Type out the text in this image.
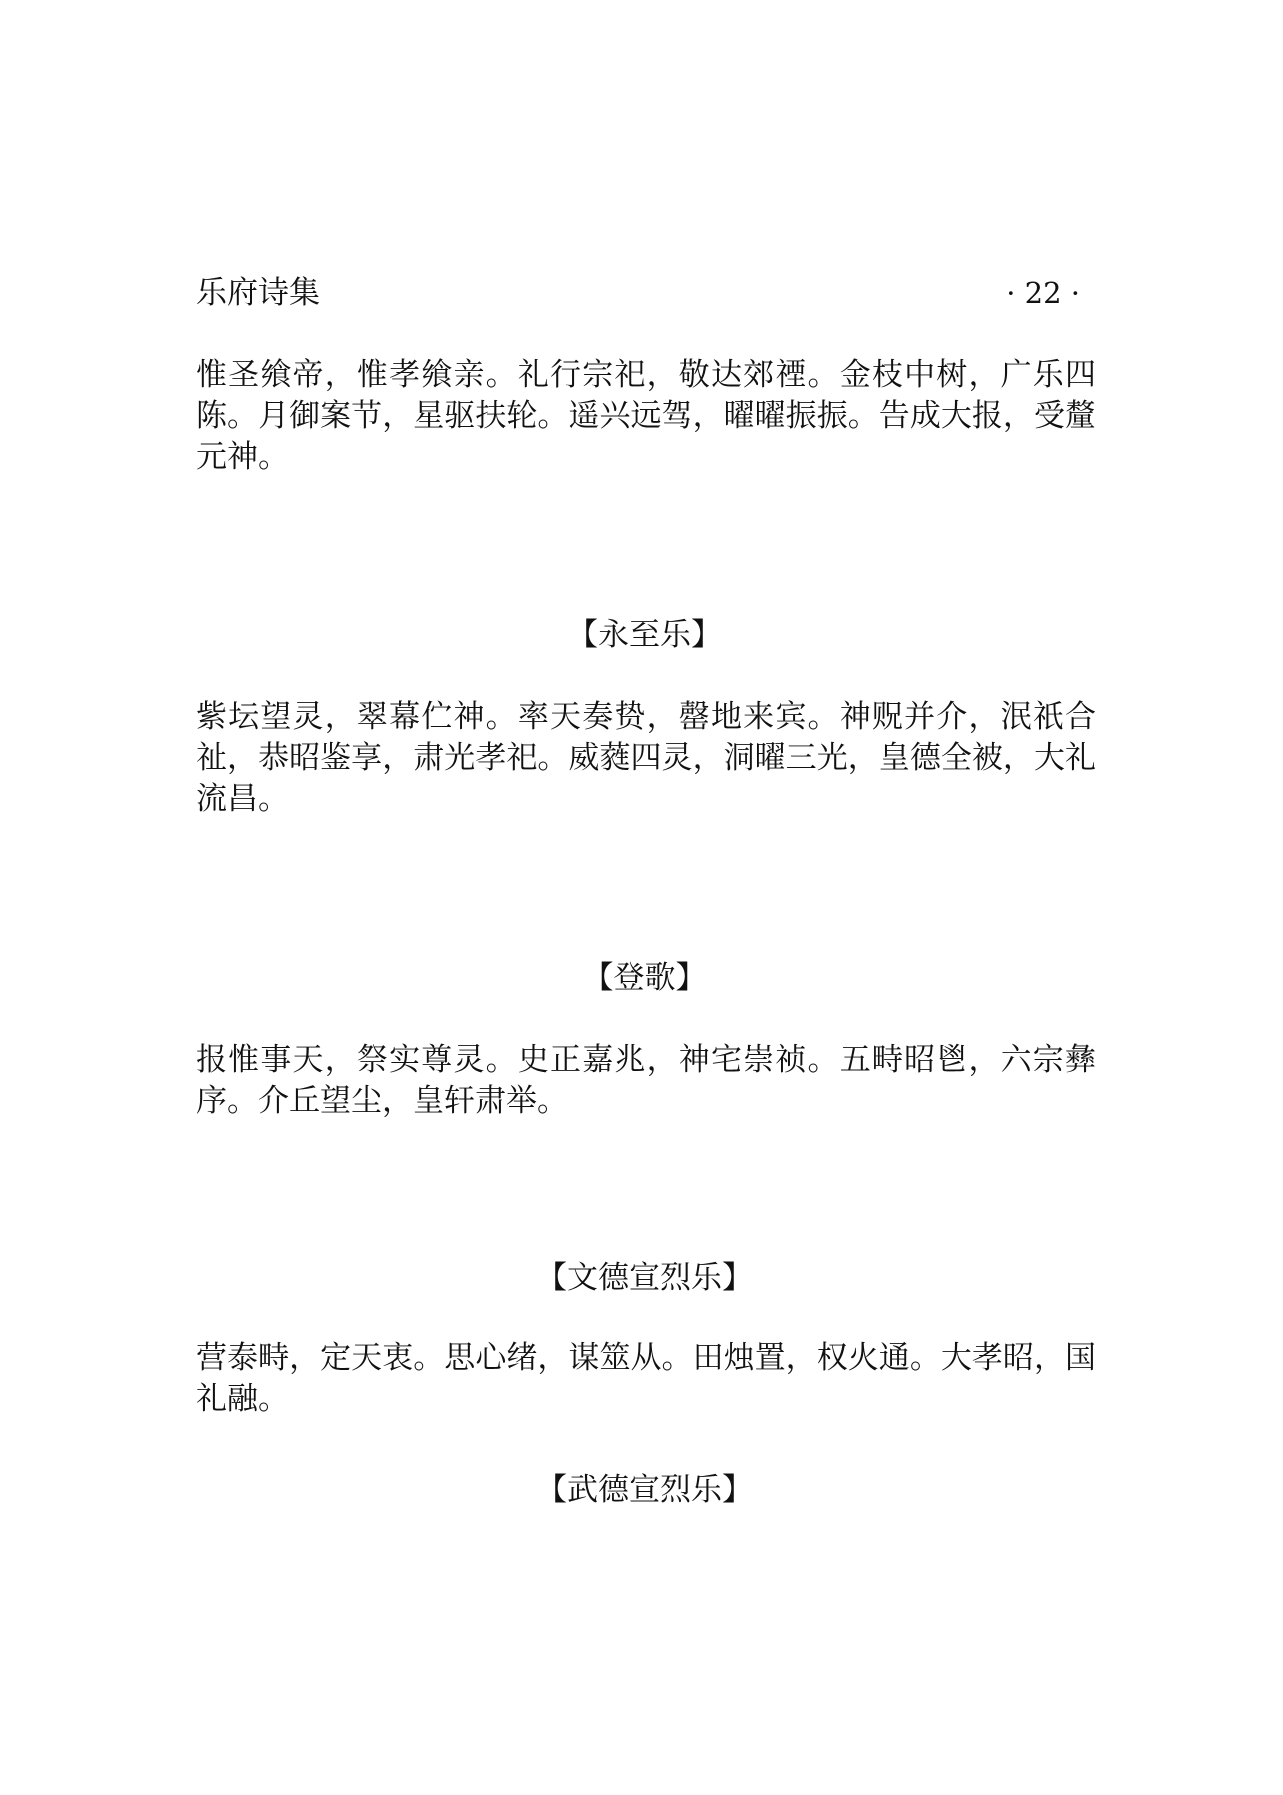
乐府诗集	· 22 ·

惟圣飨帝，惟孝飨亲。礼行宗祀，敬达郊禋。金枝中树，广乐四陈。月御案节，星驱扶轮。遥兴远驾，曜曜振振。告成大报，受釐元神。

【永至乐】

紫坛望灵，翠幕伫神。率天奏贽，罄地来宾。神贶并介，泯祇合祉，恭昭鉴享，肃光孝祀。威蕤四灵，洞曜三光，皇德全被，大礼流昌。

【登歌】

报惟事天，祭实尊灵。史正嘉兆，神宅崇祯。五畤昭鬯，六宗彝序。介丘望尘，皇轩肃举。

【文德宣烈乐】

营泰畤，定天衷。思心绪，谋筮从。田烛置，权火通。大孝昭，国礼融。

【武德宣烈乐】
